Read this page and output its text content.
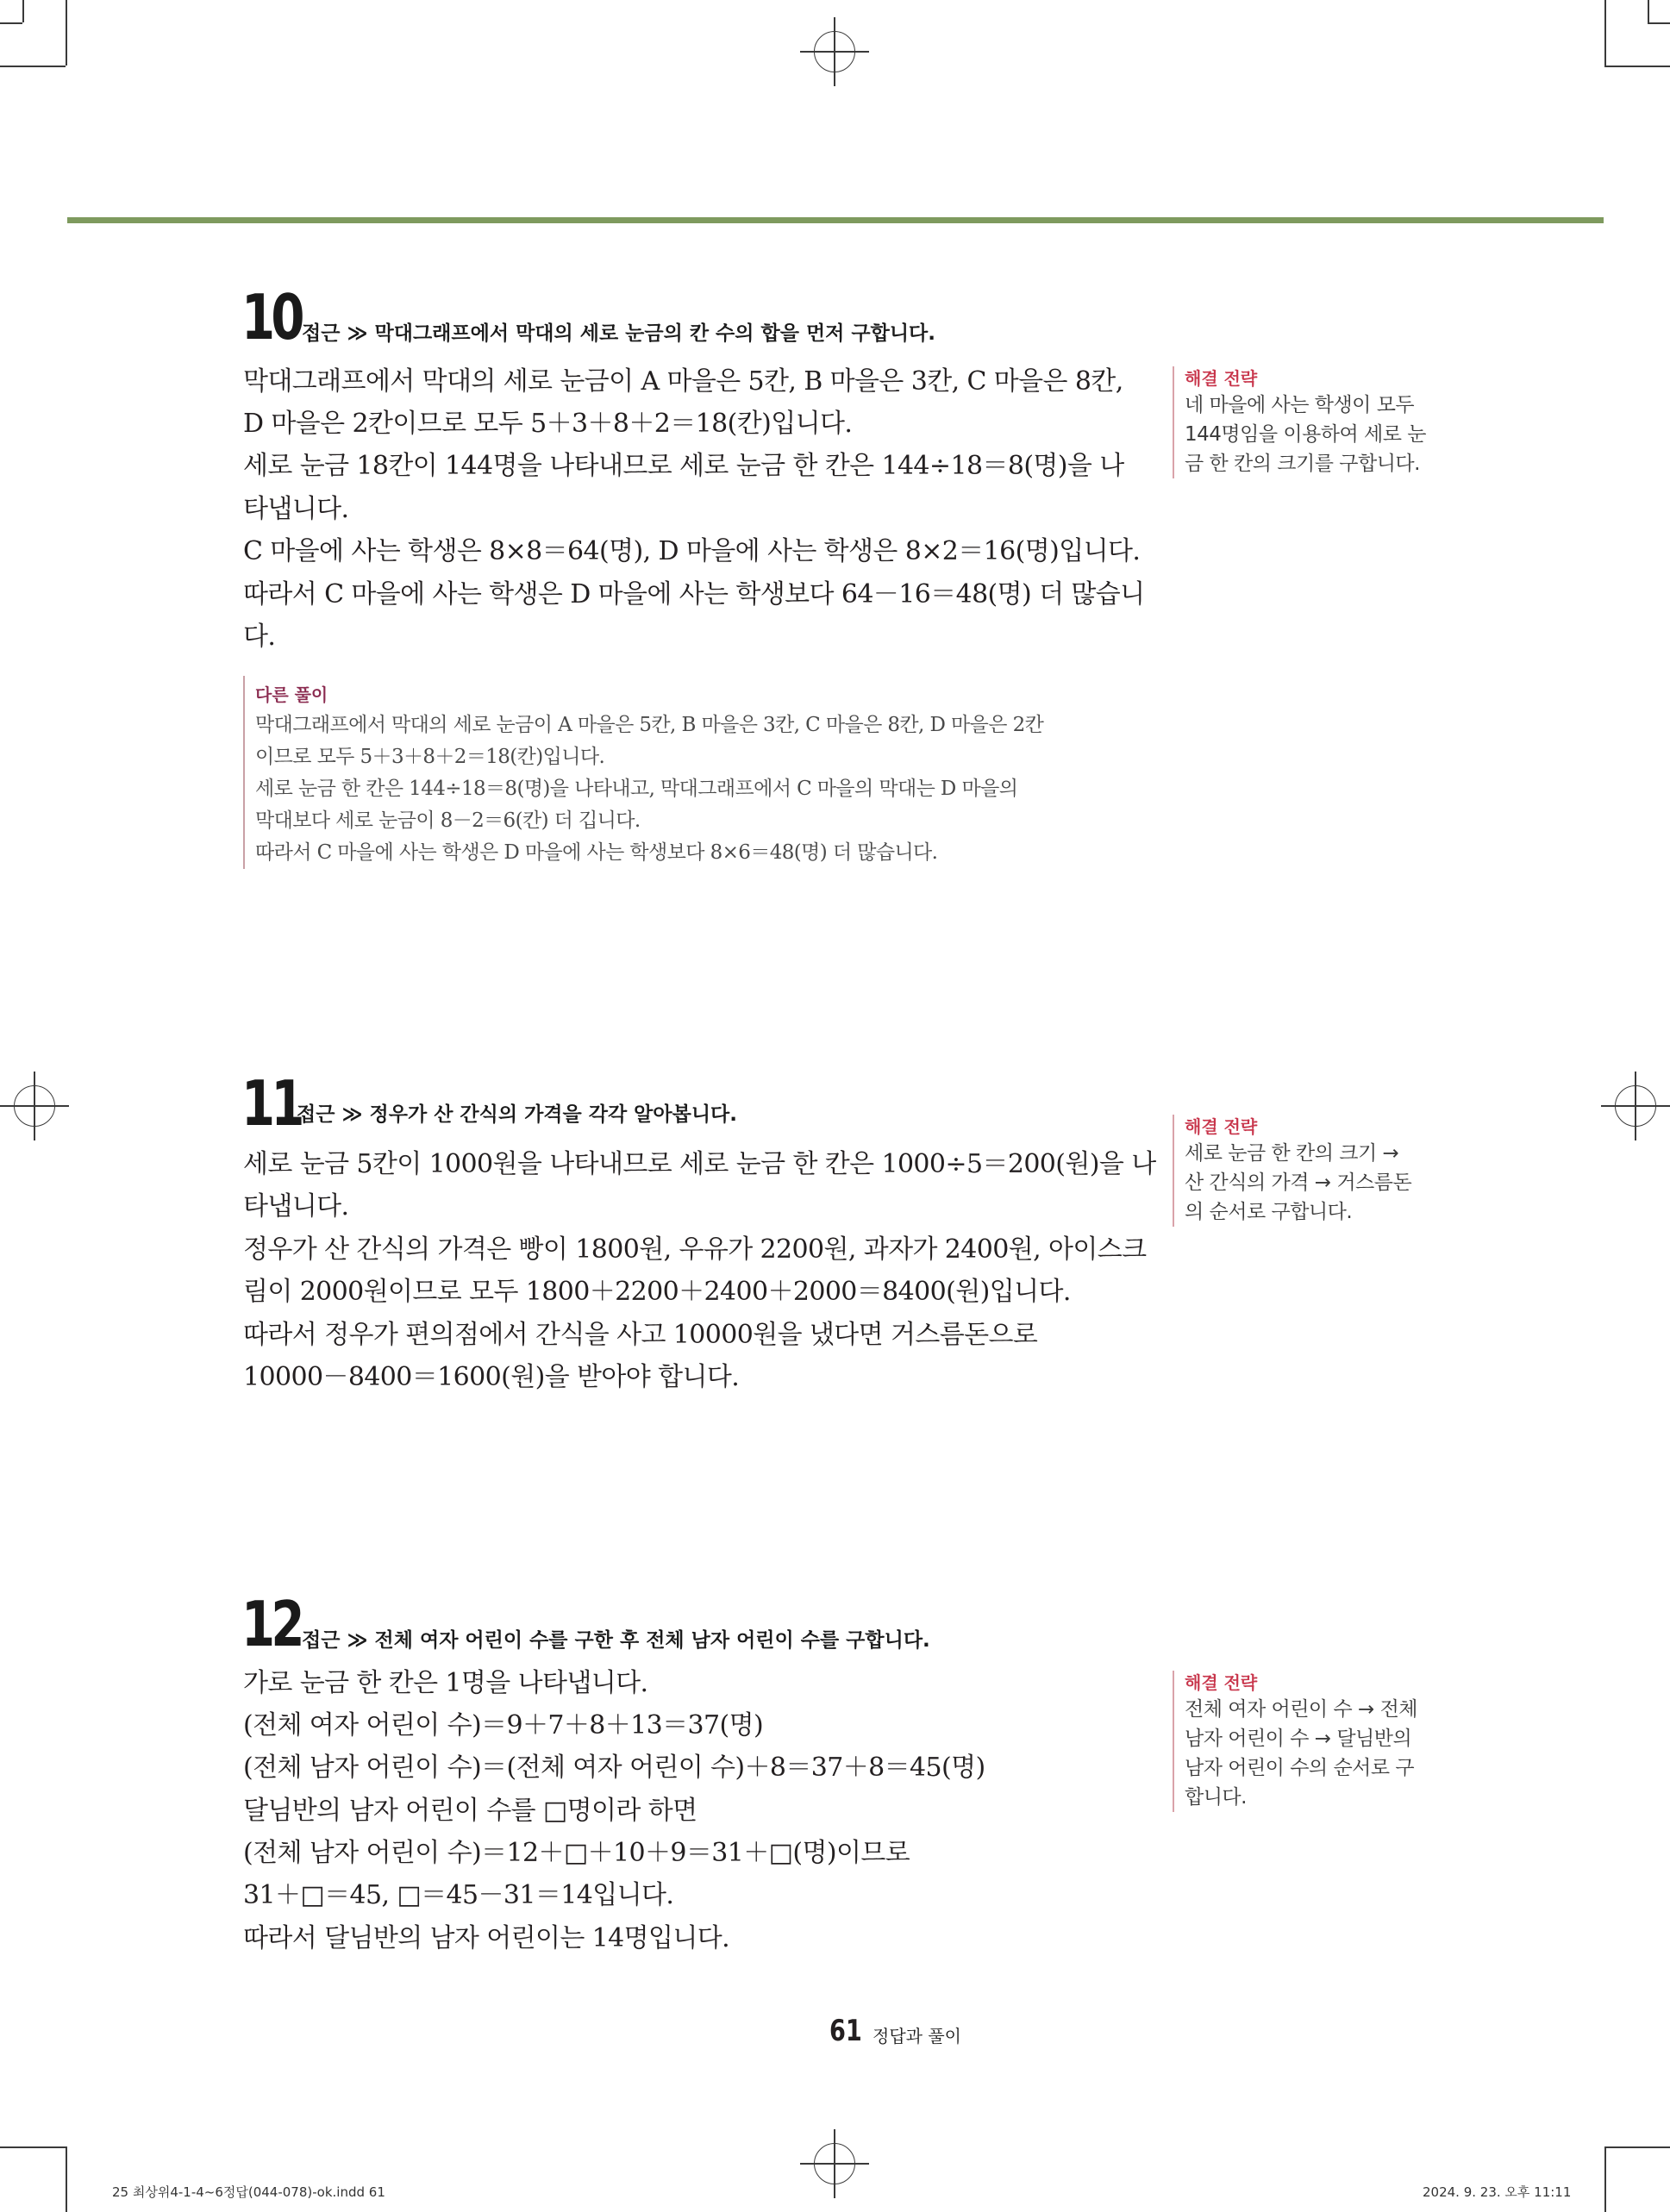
10 접근 ≫ 막대그래프에서 막대의 세로 눈금의 칸 수의 합을 먼저 구합니다.
막대그래프에서 막대의 세로 눈금이 A 마을은 5칸, B 마을은 3칸, C 마을은 8칸,
D 마을은 2칸이므로 모두 5＋3＋8＋2＝18(칸)입니다.
세로 눈금 18칸이 144명을 나타내므로 세로 눈금 한 칸은 144÷18＝8(명)을 나
타냅니다.
C 마을에 사는 학생은 8×8＝64(명), D 마을에 사는 학생은 8×2＝16(명)입니다.
따라서 C 마을에 사는 학생은 D 마을에 사는 학생보다 64－16＝48(명) 더 많습니
다.
다른 풀이
막대그래프에서 막대의 세로 눈금이 A 마을은 5칸, B 마을은 3칸, C 마을은 8칸, D 마을은 2칸
이므로 모두 5＋3＋8＋2＝18(칸)입니다.
세로 눈금 한 칸은 144÷18＝8(명)을 나타내고, 막대그래프에서 C 마을의 막대는 D 마을의
막대보다 세로 눈금이 8－2＝6(칸) 더 깁니다.
따라서 C 마을에 사는 학생은 D 마을에 사는 학생보다 8×6＝48(명) 더 많습니다.
해결 전략
네 마을에 사는 학생이 모두
144명임을 이용하여 세로 눈
금 한 칸의 크기를 구합니다.
11
접근 ≫ 정우가 산 간식의 가격을 각각 알아봅니다.
세로 눈금 5칸이 1000원을 나타내므로 세로 눈금 한 칸은 1000÷5＝200(원)을 나
타냅니다.
정우가 산 간식의 가격은 빵이 1800원, 우유가 2200원, 과자가 2400원, 아이스크
림이 2000원이므로 모두 1800＋2200＋2400＋2000＝8400(원)입니다.
따라서 정우가 편의점에서 간식을 사고 10000원을 냈다면 거스름돈으로
10000－8400＝1600(원)을 받아야 합니다.
해결 전략
세로 눈금 한 칸의 크기 →
산 간식의 가격 → 거스름돈
의 순서로 구합니다.
12 접근 ≫ 전체 여자 어린이 수를 구한 후 전체 남자 어린이 수를 구합니다.
가로 눈금 한 칸은 1명을 나타냅니다.
(전체 여자 어린이 수)＝9＋7＋8＋13＝37(명)
(전체 남자 어린이 수)＝(전체 여자 어린이 수)＋8＝37＋8＝45(명)
달님반의 남자 어린이 수를 □명이라 하면
(전체 남자 어린이 수)＝12＋□＋10＋9＝31＋□(명)이므로
31＋□＝45, □＝45－31＝14입니다.
따라서 달님반의 남자 어린이는 14명입니다.
해결 전략
전체 여자 어린이 수 → 전체
남자 어린이 수 → 달님반의
남자 어린이 수의 순서로 구
합니다.
61 정답과 풀이
25 최상위4-1-4~6정답(044-078)-ok.indd 61	2024. 9. 23. 오후 11:11
